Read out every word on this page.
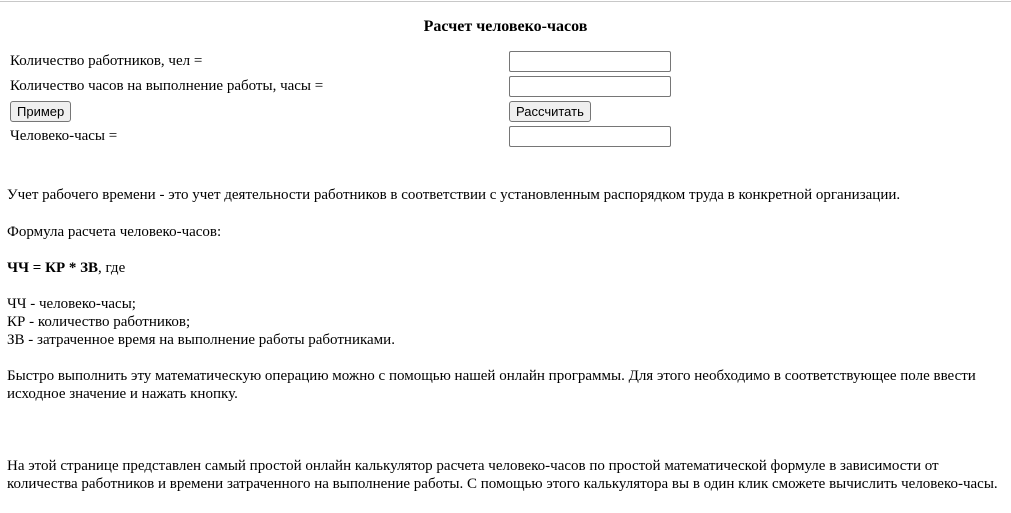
Расчет человеко-часов
Количество работников, чел =
Количество часов на выполнение работы, часы =
Пример	Рассчитать
Человеко-часы =

Учет рабочего времени - это учет деятельности работников в соответствии с установленным распорядком труда в конкретной организации.

Формула расчета человеко-часов:

ЧЧ = КР * ЗВ, где

ЧЧ - человеко-часы;
КР - количество работников;
ЗВ - затраченное время на выполнение работы работниками.

Быстро выполнить эту математическую операцию можно с помощью нашей онлайн программы. Для этого необходимо в соответствующее поле ввести исходное значение и нажать кнопку.

На этой странице представлен самый простой онлайн калькулятор расчета человеко-часов по простой математической формуле в зависимости от количества работников и времени затраченного на выполнение работы. С помощью этого калькулятора вы в один клик сможете вычислить человеко-часы.
